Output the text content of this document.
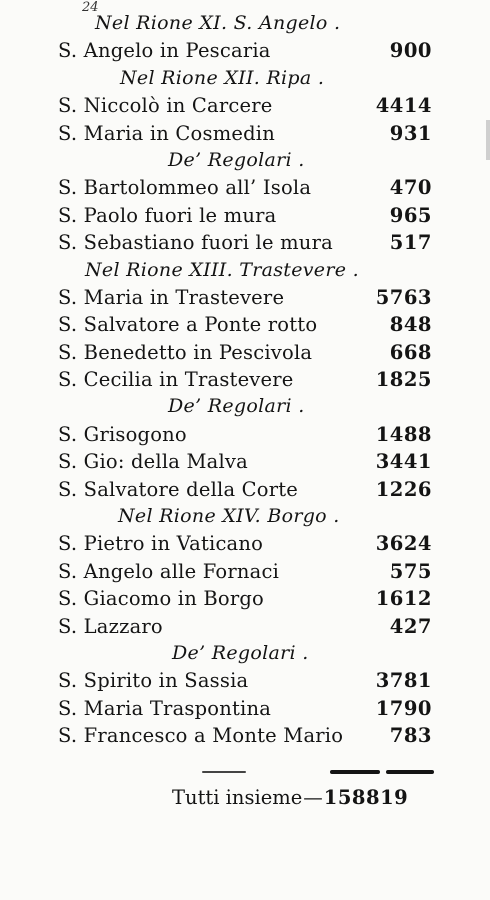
24
Nel Rione XI. S. Angelo .
S. Angelo in Pescaria	900
Nel Rione XII. Ripa .
S. Niccolò in Carcere	4414
S. Maria in Cosmedin	931
De’ Regolari .
S. Bartolommeo all’ Isola	470
S. Paolo fuori le mura	965
S. Sebastiano fuori le mura	517
Nel Rione XIII. Trastevere .
S. Maria in Trastevere	5763
S. Salvatore a Ponte rotto	848
S. Benedetto in Pescivola	668
S. Cecilia in Trastevere	1825
De’ Regolari .
S. Grisogono	1488
S. Gio: della Malva	3441
S. Salvatore della Corte	1226
Nel Rione XIV. Borgo .
S. Pietro in Vaticano	3624
S. Angelo alle Fornaci	575
S. Giacomo in Borgo	1612
S. Lazzaro	427
De’ Regolari .
S. Spirito in Sassia	3781
S. Maria Traspontina	1790
S. Francesco a Monte Mario 783
Tutti insieme—158819
